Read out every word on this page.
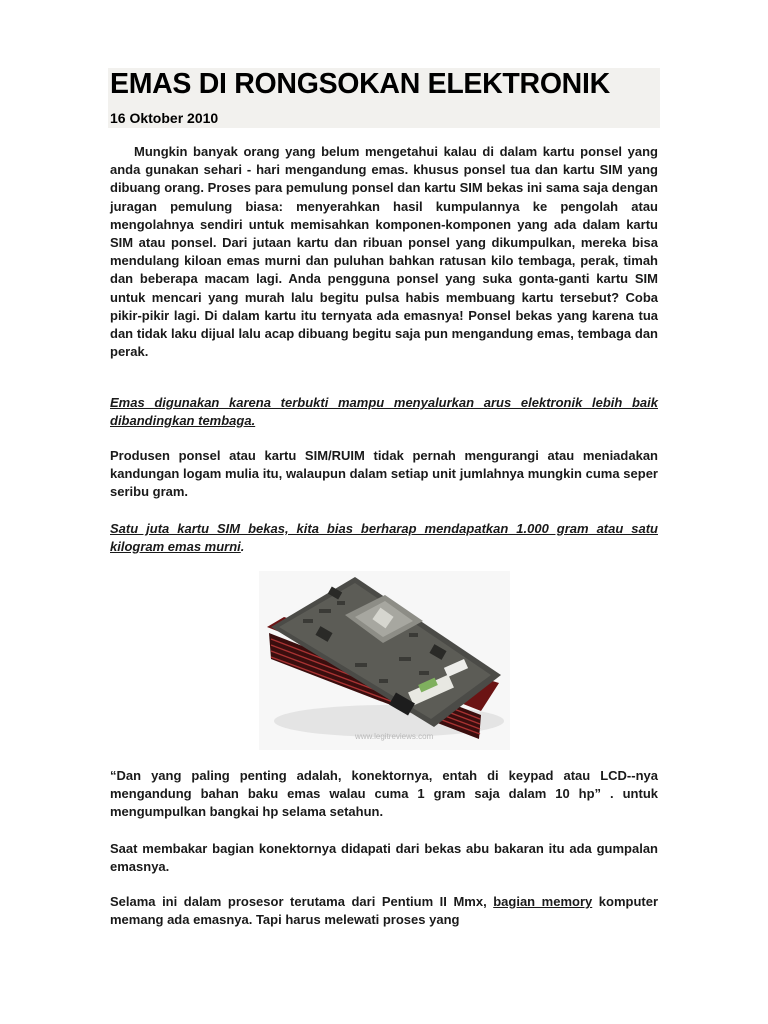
EMAS DI RONGSOKAN ELEKTRONIK
16 Oktober 2010

Mungkin banyak orang yang belum mengetahui kalau di dalam kartu ponsel yang anda gunakan sehari - hari mengandung emas. khusus ponsel tua dan kartu SIM yang dibuang orang. Proses para pemulung ponsel dan kartu SIM bekas ini sama saja dengan juragan pemulung biasa: menyerahkan hasil kumpulannya ke pengolah atau mengolahnya sendiri untuk memisahkan komponen-komponen yang ada dalam kartu SIM atau ponsel. Dari jutaan kartu dan ribuan ponsel yang dikumpulkan, mereka bisa mendulang kiloan emas murni dan puluhan bahkan ratusan kilo tembaga, perak, timah dan beberapa macam lagi. Anda pengguna ponsel yang suka gonta-ganti kartu SIM untuk mencari yang murah lalu begitu pulsa habis membuang kartu tersebut? Coba pikir-pikir lagi. Di dalam kartu itu ternyata ada emasnya! Ponsel bekas yang karena tua dan tidak laku dijual lalu acap dibuang begitu saja pun mengandung emas, tembaga dan perak.

Emas digunakan karena terbukti mampu menyalurkan arus elektronik lebih baik dibandingkan tembaga.

Produsen ponsel atau kartu SIM/RUIM tidak pernah mengurangi atau meniadakan kandungan logam mulia itu, walaupun dalam setiap unit jumlahnya mungkin cuma seper seribu gram.

Satu juta kartu SIM bekas, kita bias berharap mendapatkan 1.000 gram atau satu kilogram emas murni.

www.legitreviews.com

“Dan yang paling penting adalah, konektornya, entah di keypad atau LCD--nya mengandung bahan baku emas walau cuma 1 gram saja dalam 10 hp” . untuk mengumpulkan bangkai hp selama setahun.

Saat membakar bagian konektornya didapati dari bekas abu bakaran itu ada gumpalan emasnya.

Selama ini dalam prosesor terutama dari Pentium II Mmx, bagian memory komputer memang ada emasnya. Tapi harus melewati proses yang
